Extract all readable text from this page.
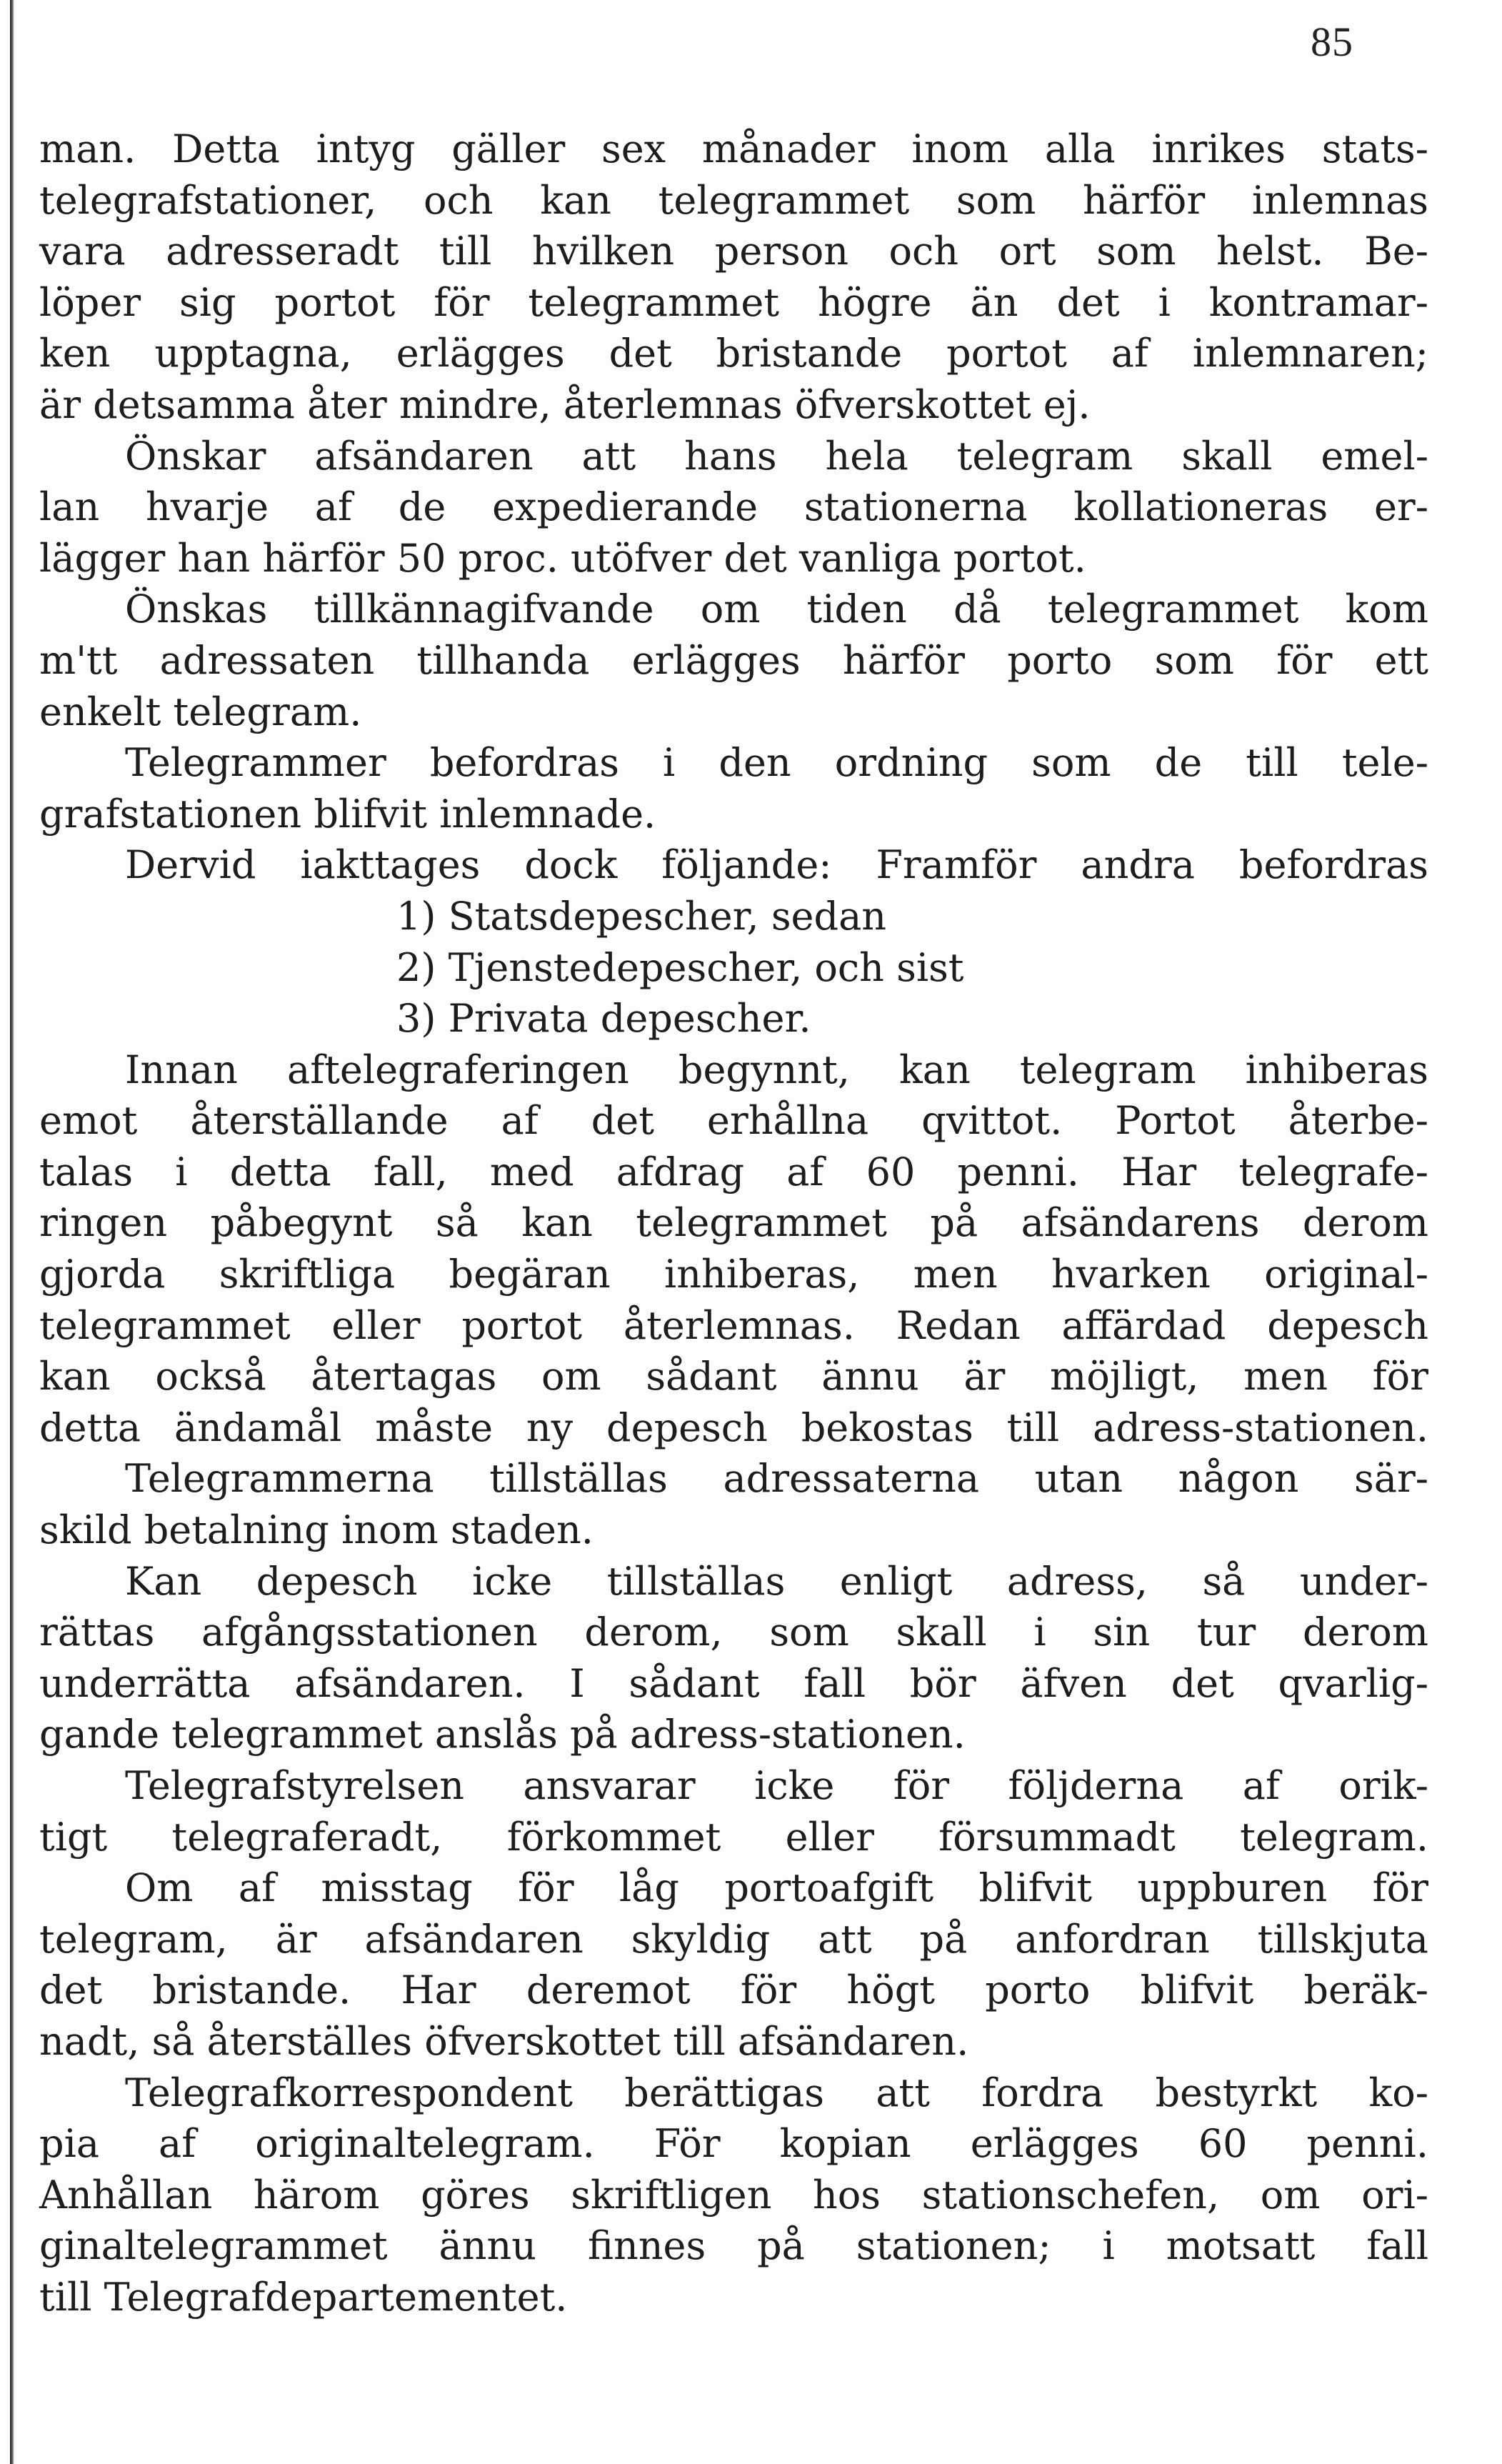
85
man. Detta intyg gäller sex månader inom alla inrikes stats-
telegrafstationer, och kan telegrammet som härför inlemnas
vara adresseradt till hvilken person och ort som helst. Be-
löper sig portot för telegrammet högre än det i kontramar-
ken upptagna, erlägges det bristande portot af inlemnaren;
är detsamma åter mindre, återlemnas öfverskottet ej.
Önskar afsändaren att hans hela telegram skall emel-
lan hvarje af de expedierande stationerna kollationeras er-
lägger han härför 50 proc. utöfver det vanliga portot.
Önskas tillkännagifvande om tiden då telegrammet kom
m'tt adressaten tillhanda erlägges härför porto som för ett
enkelt telegram.
Telegrammer befordras i den ordning som de till tele-
grafstationen blifvit inlemnade.
Dervid iakttages dock följande: Framför andra befordras
1) Statsdepescher, sedan
2) Tjenstedepescher, och sist
3) Privata depescher.
Innan aftelegraferingen begynnt, kan telegram inhiberas
emot återställande af det erhållna qvittot. Portot återbe-
talas i detta fall, med afdrag af 60 penni. Har telegrafe-
ringen påbegynt så kan telegrammet på afsändarens derom
gjorda skriftliga begäran inhiberas, men hvarken original-
telegrammet eller portot återlemnas. Redan affärdad depesch
kan också återtagas om sådant ännu är möjligt, men för
detta ändamål måste ny depesch bekostas till adress-stationen.
Telegrammerna tillställas adressaterna utan någon sär-
skild betalning inom staden.
Kan depesch icke tillställas enligt adress, så under-
rättas afgångsstationen derom, som skall i sin tur derom
underrätta afsändaren. I sådant fall bör äfven det qvarlig-
gande telegrammet anslås på adress-stationen.
Telegrafstyrelsen ansvarar icke för följderna af orik-
tigt telegraferadt, förkommet eller försummadt telegram.
Om af misstag för låg portoafgift blifvit uppburen för
telegram, är afsändaren skyldig att på anfordran tillskjuta
det bristande. Har deremot för högt porto blifvit beräk-
nadt, så återställes öfverskottet till afsändaren.
Telegrafkorrespondent berättigas att fordra bestyrkt ko-
pia af originaltelegram. För kopian erlägges 60 penni.
Anhållan härom göres skriftligen hos stationschefen, om ori-
ginaltelegrammet ännu finnes på stationen; i motsatt fall
till Telegrafdepartementet.
